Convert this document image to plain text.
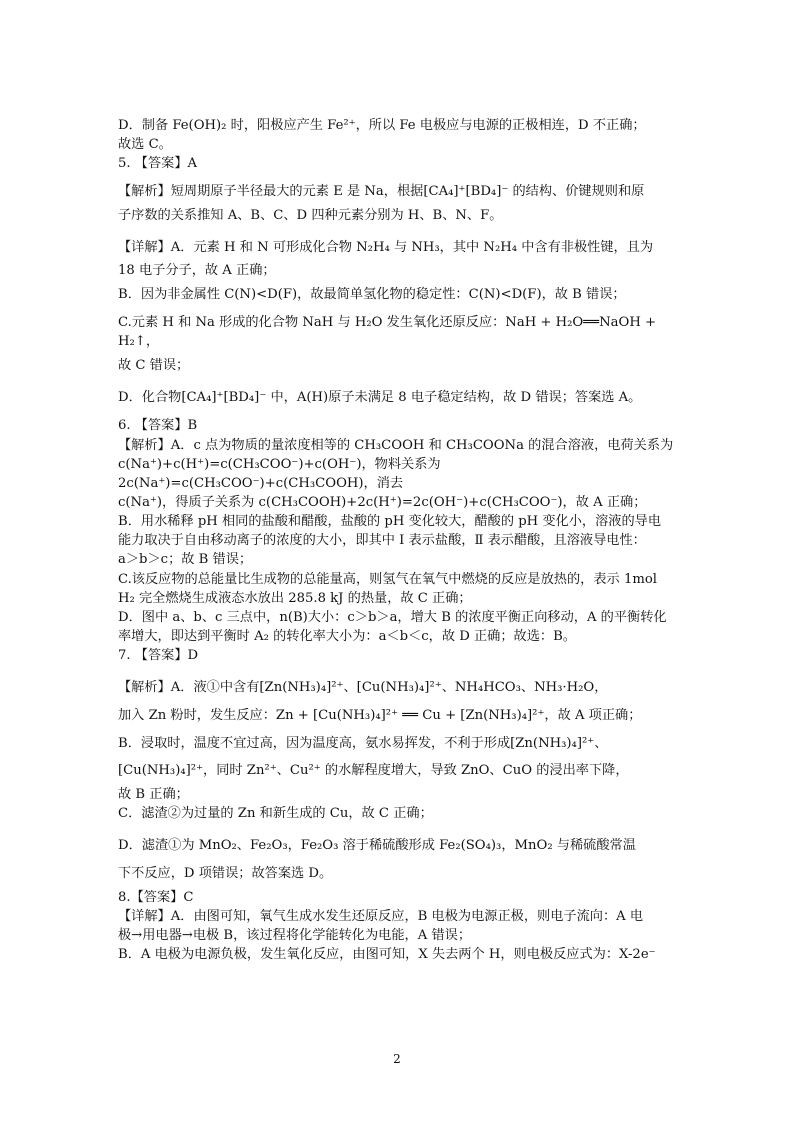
D．制备 Fe(OH)₂ 时，阳极应产生 Fe²⁺，所以 Fe 电极应与电源的正极相连，D 不正确；
故选 C。
5. 【答案】A
【解析】短周期原子半径最大的元素 E 是 Na，根据[CA₄]⁺[BD₄]⁻ 的结构、价键规则和原
子序数的关系推知 A、B、C、D 四种元素分别为 H、B、N、F。
【详解】A．元素 H 和 N 可形成化合物 N₂H₄ 与 NH₃，其中 N₂H₄ 中含有非极性键，且为
18 电子分子，故 A 正确；
B．因为非金属性 C(N)<D(F)，故最简单氢化物的稳定性：C(N)<D(F)，故 B 错误；
C.元素 H 和 Na 形成的化合物 NaH 与 H₂O 发生氧化还原反应：NaH + H₂O══NaOH + H₂↑，
故 C 错误；
D．化合物[CA₄]⁺[BD₄]⁻ 中，A(H)原子未满足 8 电子稳定结构，故 D 错误；答案选 A。
6. 【答案】B
【解析】A．c 点为物质的量浓度相等的 CH₃COOH 和 CH₃COONa 的混合溶液，电荷关系为
c(Na⁺)+c(H⁺)=c(CH₃COO⁻)+c(OH⁻)，物料关系为 2c(Na⁺)=c(CH₃COO⁻)+c(CH₃COOH)，消去
c(Na⁺)，得质子关系为 c(CH₃COOH)+2c(H⁺)=2c(OH⁻)+c(CH₃COO⁻)，故 A 正确；
B．用水稀释 pH 相同的盐酸和醋酸，盐酸的 pH 变化较大，醋酸的 pH 变化小，溶液的导电
能力取决于自由移动离子的浓度的大小，即其中 Ⅰ 表示盐酸，Ⅱ 表示醋酸，且溶液导电性：
a＞b＞c；故 B 错误；
C.该反应物的总能量比生成物的总能量高，则氢气在氧气中燃烧的反应是放热的，表示 1mol
H₂ 完全燃烧生成液态水放出 285.8 kJ 的热量，故 C 正确；
D．图中 a、b、c 三点中，n(B)大小：c＞b＞a，增大 B 的浓度平衡正向移动，A 的平衡转化
率增大，即达到平衡时 A₂ 的转化率大小为：a＜b＜c，故 D 正确；故选：B。
7. 【答案】D
【解析】A．液①中含有[Zn(NH₃)₄]²⁺、[Cu(NH₃)₄]²⁺、NH₄HCO₃、NH₃·H₂O，
加入 Zn 粉时，发生反应：Zn + [Cu(NH₃)₄]²⁺ ══ Cu + [Zn(NH₃)₄]²⁺，故 A 项正确；
B．浸取时，温度不宜过高，因为温度高，氨水易挥发，不利于形成[Zn(NH₃)₄]²⁺、
[Cu(NH₃)₄]²⁺，同时 Zn²⁺、Cu²⁺ 的水解程度增大，导致 ZnO、CuO 的浸出率下降，
故 B 正确；
C．滤渣②为过量的 Zn 和新生成的 Cu，故 C 正确；
D．滤渣①为 MnO₂、Fe₂O₃，Fe₂O₃ 溶于稀硫酸形成 Fe₂(SO₄)₃，MnO₂ 与稀硫酸常温
下不反应，D 项错误；故答案选 D。
8.【答案】C
【详解】A．由图可知，氧气生成水发生还原反应，B 电极为电源正极，则电子流向：A 电
极→用电器→电极 B，该过程将化学能转化为电能，A 错误；
B．A 电极为电源负极，发生氧化反应，由图可知，X 失去两个 H，则电极反应式为：X-2e⁻
2
